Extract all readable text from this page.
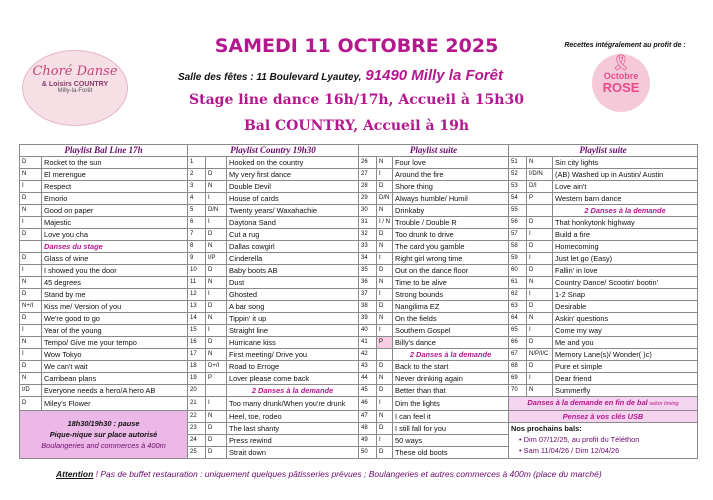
Choré Danse
& Loisirs COUNTRY
Milly-la-Forêt
SAMEDI 11 OCTOBRE 2025
Salle des fêtes : 11 Boulevard Lyautey, 91490 Milly la Forêt
Stage line dance 16h/17h, Accueil à 15h30
Bal COUNTRY, Accueil à 19h
Recettes intégralement au profit de :
🎗
Octobre
ROSE
Playlist Bal Line 17h		Playlist Country 19h30			Playlist suite			Playlist suite		
D	Rocket to the sun	1		Hooked on the country	26	N	Four love	51	N	Sin city lights
N	El merengue	2	D	My very first dance	27	I	Around the fire	52	I/D/N	(AB) Washed up in Austin/ Austin
I	Respect	3	N	Double Devil	28	D	Shore thing	53	D/I	Love ain't
D	Emorio	4	I	House of cards	29	D/N	Always humble/ Humil	54	P	Western barn dance
N	Good on paper	5	D/N	Twenty years/ Waxahachie	30	N	Drinkaby	55		2 Danses à la demande
I	Majestic	6	I	Daytona Sand	31	I / N	Trouble / Double R	56	D	That honkytonk highway
D	Love you cha	7	D	Cut a rug	32	D	Too drunk to drive	57	I	Build a fire
	Danses du stage	8	N	Dallas cowgirl	33	N	The card you gamble	58	D	Homecoming
D	Glass of wine	9	I/P	Cinderella	34	I	Right girl wrong time	59	I	Just let go (Easy)
I	I showed you the door	10	D	Baby boots AB	35	D	Out on the dance floor	60	D	Fallin' in love
N	45 degrees	11	N	Dust	36	N	Time to be alive	61	N	Country Dance/ Scootin' bootin'
D	Stand by me	12	I	Ghosted	37	I	Strong bounds	62	I	1-2 Snap
N+/I	Kiss me/ Version of you	13	D	A bar song	38	D	Nangilima EZ	63	D	Desirable
D	We're good to go	14	N	Tippin' it up	39	N	On the fields	64	N	Askin' questions
I	Year of the young	15	I	Straight line	40	I	Southern Gospel	65	I	Come my way
N	Tempo/ Give me your tempo	16	D	Hurricane kiss	41	P	Billy's dance	66	D	Me and you
I	Wow Tokyo	17	N	First meeting/ Drive you	42		2 Danses à la demande	67	N/P/I/C	Memory Lane(s)/ Wonder( )c)
D	We can't wait	18	D+/I	Road to Erroge	43	D	Back to the start	68	D	Pure et simple
N	Carribean plans	19	P	Lover please come back	44	N	Never drinking again	69	I	Dear friend
I/D	Everyone needs a hero/A hero AB	20		2 Danses à la demande	45	D	Better than that	70	N	Summerfly
D	Miley's Flower	21	I	Too many drunk/When you're drunk	46	I	Dim the lights	Danses à la demande en fin de bal selon timing		

18h30/19h30 : pause
Pique-nique sur place autorisé
Boulangeries and commerces à 400m		22	N	Heel, toe, rodeo	47	N	I can feel it	Pensez à vos clés USB		
		23	D	The last shanty	48	D	I still fall for you	Nos prochains bals:
• Dim 07/12/25, au profit du Téléthon
• Sam 11/04/26 / Dim 12/04/26		

		24	D	Press rewind	49	I	50 ways			
		25	D	Strait down	50	D	These old boots			
Attention ! Pas de buffet restauration : uniquement quelques pâtisseries prévues ; Boulangeries et autres commerces à 400m (place du marché)
